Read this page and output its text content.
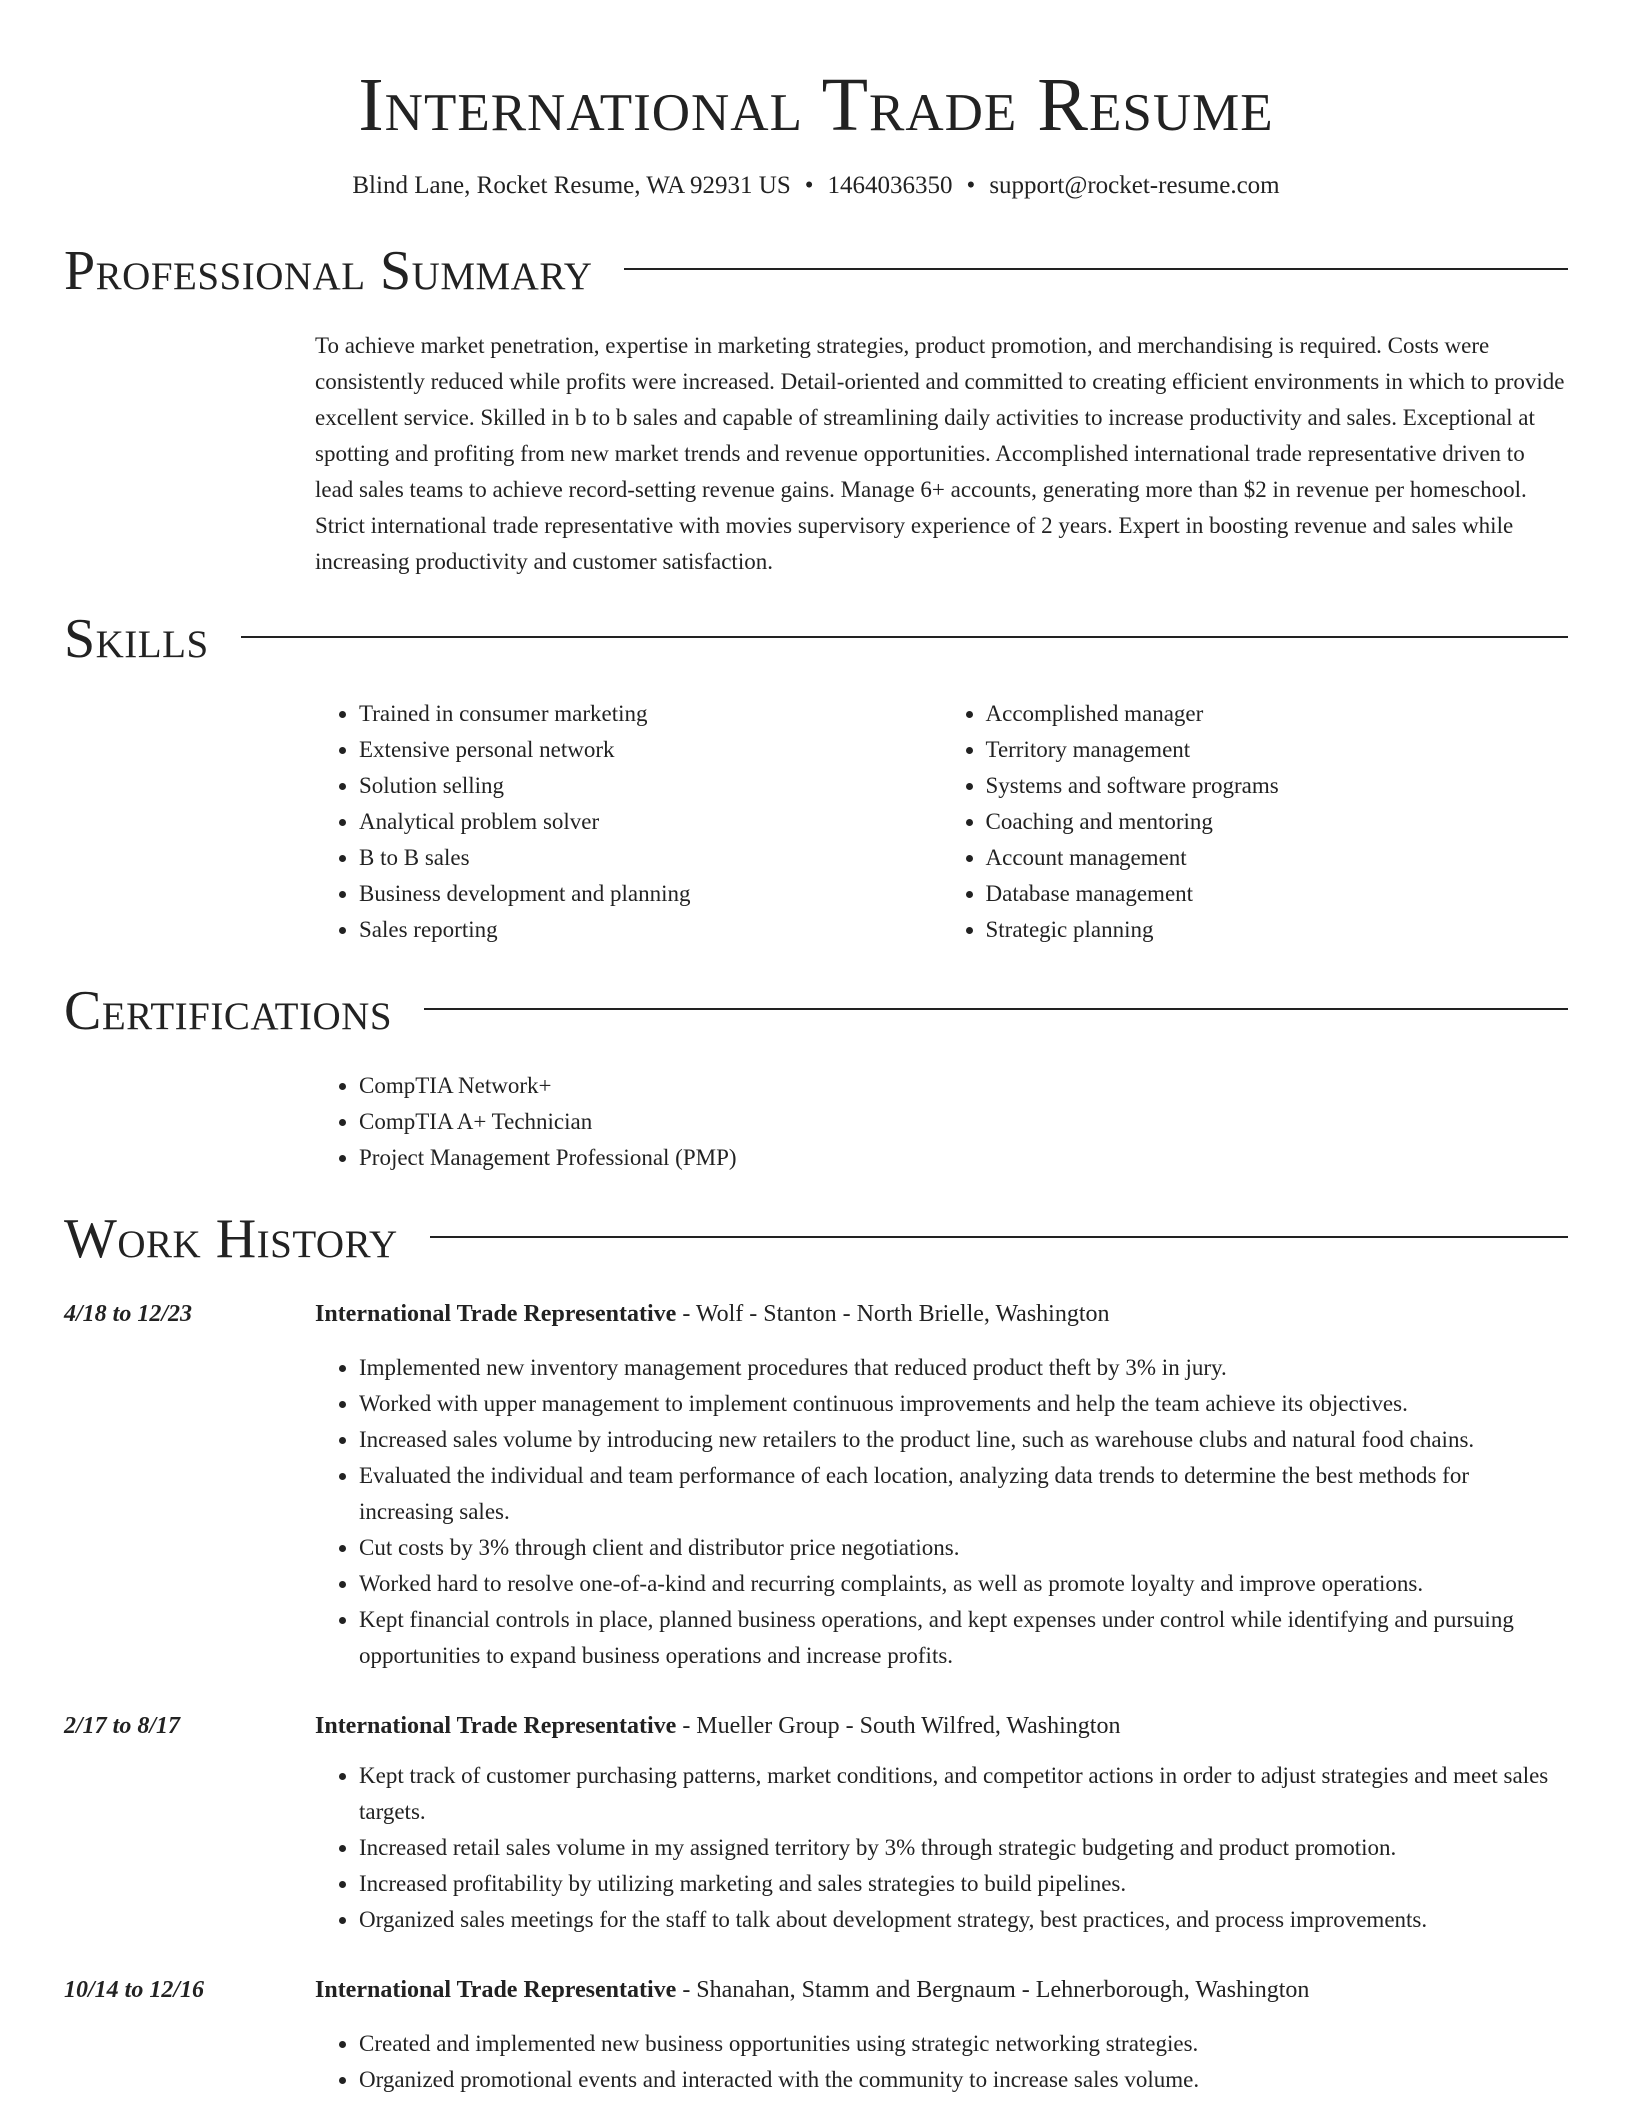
International Trade Resume
Blind Lane, Rocket Resume, WA 92931 US • 1464036350 • support@rocket-resume.com
Professional Summary
To achieve market penetration, expertise in marketing strategies, product promotion, and merchandising is required. Costs were consistently reduced while profits were increased. Detail-oriented and committed to creating efficient environments in which to provide excellent service. Skilled in b to b sales and capable of streamlining daily activities to increase productivity and sales. Exceptional at spotting and profiting from new market trends and revenue opportunities. Accomplished international trade representative driven to lead sales teams to achieve record-setting revenue gains. Manage 6+ accounts, generating more than $2 in revenue per homeschool. Strict international trade representative with movies supervisory experience of 2 years. Expert in boosting revenue and sales while increasing productivity and customer satisfaction.
Skills
• Trained in consumer marketing
• Extensive personal network
• Solution selling
• Analytical problem solver
• B to B sales
• Business development and planning
• Sales reporting
• Accomplished manager
• Territory management
• Systems and software programs
• Coaching and mentoring
• Account management
• Database management
• Strategic planning
Certifications
• CompTIA Network+
• CompTIA A+ Technician
• Project Management Professional (PMP)
Work History
4/18 to 12/23	International Trade Representative - Wolf - Stanton - North Brielle, Washington
• Implemented new inventory management procedures that reduced product theft by 3% in jury.
• Worked with upper management to implement continuous improvements and help the team achieve its objectives.
• Increased sales volume by introducing new retailers to the product line, such as warehouse clubs and natural food chains.
• Evaluated the individual and team performance of each location, analyzing data trends to determine the best methods for increasing sales.
• Cut costs by 3% through client and distributor price negotiations.
• Worked hard to resolve one-of-a-kind and recurring complaints, as well as promote loyalty and improve operations.
• Kept financial controls in place, planned business operations, and kept expenses under control while identifying and pursuing opportunities to expand business operations and increase profits.
2/17 to 8/17	International Trade Representative - Mueller Group - South Wilfred, Washington
• Kept track of customer purchasing patterns, market conditions, and competitor actions in order to adjust strategies and meet sales targets.
• Increased retail sales volume in my assigned territory by 3% through strategic budgeting and product promotion.
• Increased profitability by utilizing marketing and sales strategies to build pipelines.
• Organized sales meetings for the staff to talk about development strategy, best practices, and process improvements.
10/14 to 12/16	International Trade Representative - Shanahan, Stamm and Bergnaum - Lehnerborough, Washington
• Created and implemented new business opportunities using strategic networking strategies.
• Organized promotional events and interacted with the community to increase sales volume.
